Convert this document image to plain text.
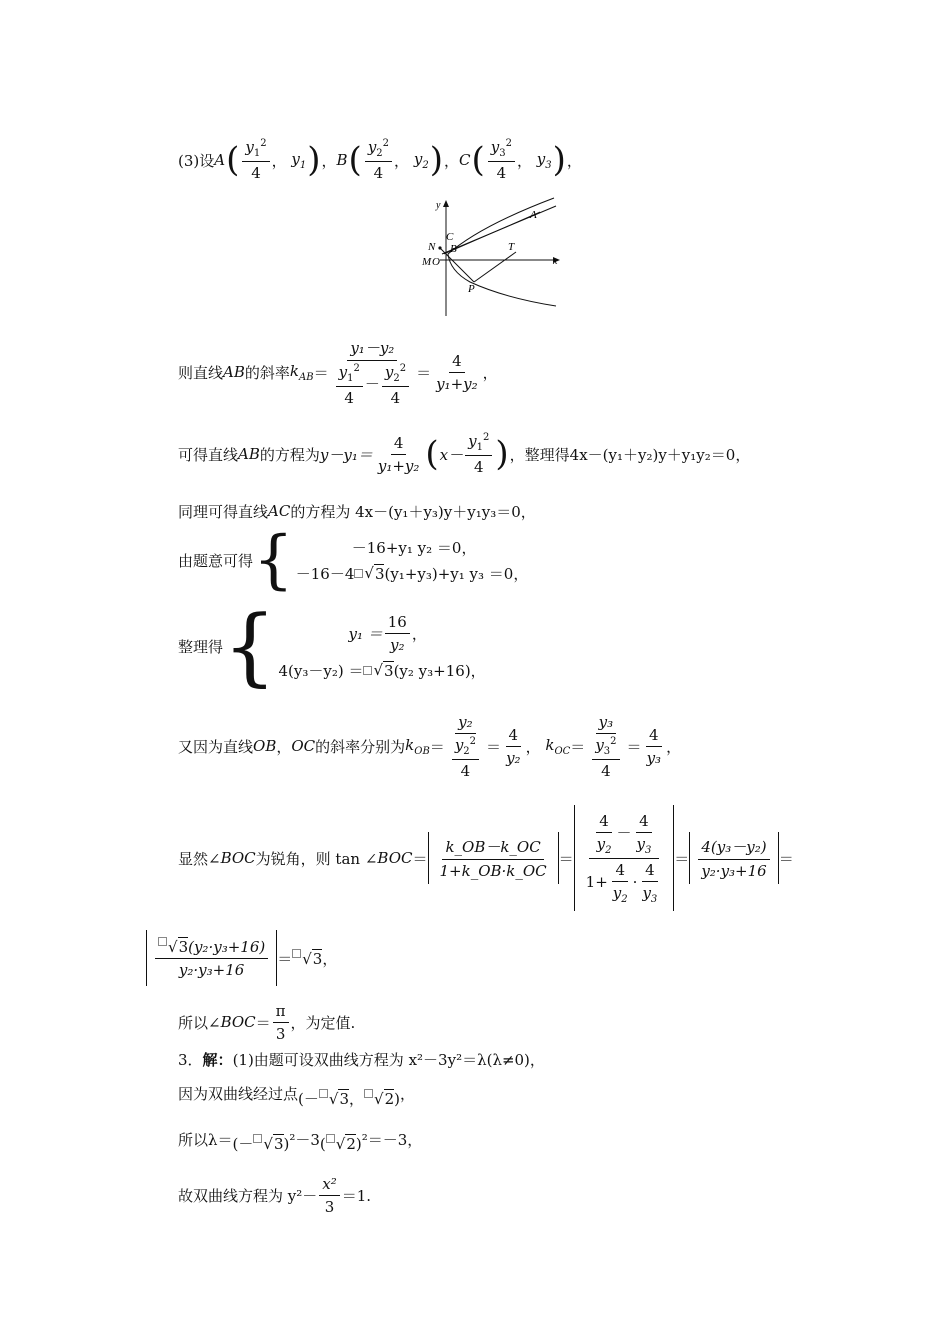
(3)设 A ( $\frac{y_1^2}{4}$ ， $y_1$ ) ， B ( $\frac{y_2^2}{4}$ ， $y_2$ ) ， C ( $\frac{y_3^2}{4}$ ， $y_3$ ) ，
y
x
A
C
N B	T
M O
P
则直线 AB 的斜率 $k_{AB} = \frac{\text{y₁－y₂}}{\frac{y_1^2}{4} - \frac{y_2^2}{4}} = \frac{4}{\text{y₁+y₂}}$ ，
可得直线 AB 的方程为 $y-y_1= \frac{4}{\text{y₁+y₂}}$ ( $x- \frac{y_1^2}{4}$ ) ，整理得 4x－(y₁＋y₂)y＋y₁y₂＝0，
同理可得直线 AC 的方程为 4x－(y₁＋y₃)y＋y₁y₃＝0，
由题意可得 {	－16+y₁ y₂ ＝0，
－16－4 √ 3 (y₁+y₃)+y₁ y₃ ＝0，
整理得 {	$y_1 = \frac{16}{\text{y₂}}$ ，
4(y₃－y₂) ＝ √ 3 (y₂ y₃+16)，
又因为直线 OB ， OC 的斜率分别为 $k_{OB} = \frac{\text{y₂}}{\frac{y_2^2}{4}} = \frac{4}{\text{y₂}}$ ， $k_{OC} = \frac{\text{y₃}}{\frac{y_3^2}{4}} = \frac{4}{\text{y₃}}$ ，
显然∠ BOC 为锐角，则 tan ∠ BOC ＝ $\frac{k\_OB-k\_OC}{1+k\_OB\cdot k\_OC} = \frac{\frac{4}{y_2} - \frac{4}{y_3}}{1+ \frac{4}{y_2} \cdot \frac{4}{y_3}} = \frac{\text{4(y₃－y₂)}}{\text{y₂·y₃+16}}$ ＝
$\frac{\text{√3(y₂·y₃+16)}}{\text{y₂·y₃+16}} = √3$ ，
所以∠ BOC ＝ $\frac{\pi}{3}$ ，为定值.
3． 解： (1)由题可设双曲线方程为 x²－3y²＝λ(λ≠0)，
因为双曲线经过点 (－ √3， √2) ，
所以λ＝ (－ √3) ²－3 ( √2) ²＝－3，
故双曲线方程为 $y^2- \frac{\text{x²}}{3} =1$.
